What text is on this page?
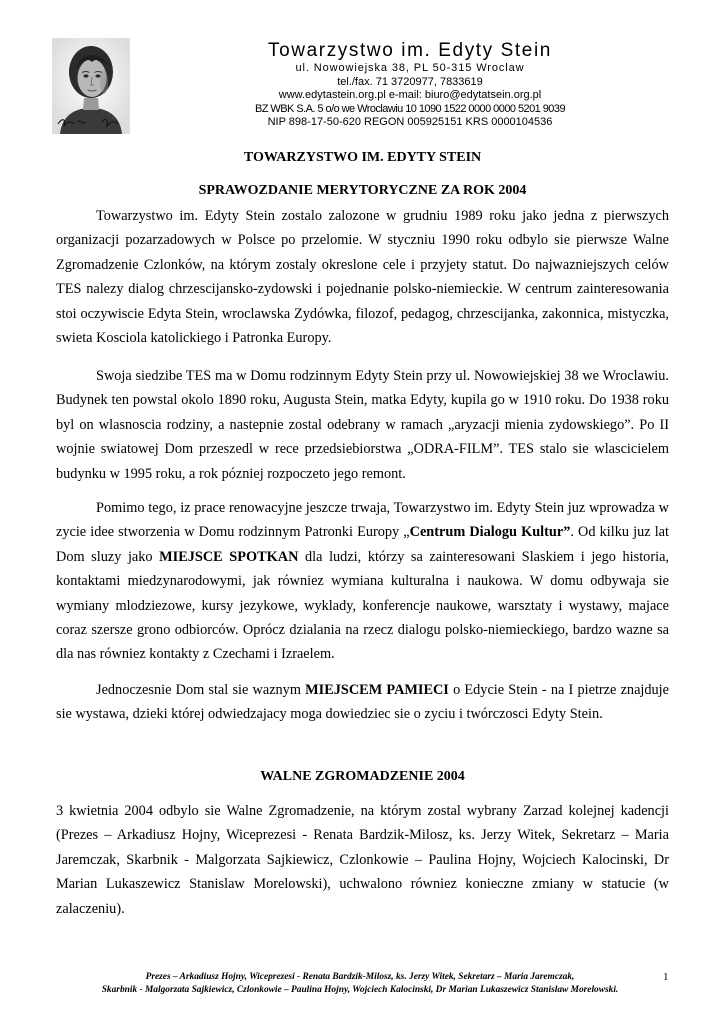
Towarzystwo im. Edyty Stein
ul. Nowowiejska 38, PL 50-315 Wroclaw
tel./fax. 71 3720977, 7833619
www.edytastein.org.pl e-mail: biuro@edytatsein.org.pl
BZ WBK S.A. 5 o/o we Wroclawiu 10 1090 1522 0000 0000 5201 9039
NIP 898-17-50-620 REGON 005925151 KRS 0000104536
TOWARZYSTWO IM. EDYTY STEIN
SPRAWOZDANIE MERYTORYCZNE ZA ROK 2004

Towarzystwo im. Edyty Stein zostalo zalozone w grudniu 1989 roku jako jedna z pierwszych organizacji pozarzadowych w Polsce po przelomie. W styczniu 1990 roku odbylo sie pierwsze Walne Zgromadzenie Czlonków, na którym zostaly okreslone cele i przyjety statut. Do najwazniejszych celów TES nalezy dialog chrzescijansko-zydowski i pojednanie polsko-niemieckie. W centrum zainteresowania stoi oczywiscie Edyta Stein, wroclawska Zydówka, filozof, pedagog, chrzescijanka, zakonnica, mistyczka, swieta Kosciola katolickiego i Patronka Europy.

Swoja siedzibe TES ma w Domu rodzinnym Edyty Stein przy ul. Nowowiejskiej 38 we Wroclawiu. Budynek ten powstal okolo 1890 roku, Augusta Stein, matka Edyty, kupila go w 1910 roku. Do 1938 roku byl on wlasnoscia rodziny, a nastepnie zostal odebrany w ramach „aryzacji mienia zydowskiego”. Po II wojnie swiatowej Dom przeszedl w rece przedsiebiorstwa „ODRA-FILM”. TES stalo sie wlascicielem budynku w 1995 roku, a rok pózniej rozpoczeto jego remont.

Pomimo tego, iz prace renowacyjne jeszcze trwaja, Towarzystwo im. Edyty Stein juz wprowadza w zycie idee stworzenia w Domu rodzinnym Patronki Europy „Centrum Dialogu Kultur”. Od kilku juz lat Dom sluzy jako MIEJSCE SPOTKAN dla ludzi, którzy sa zainteresowani Slaskiem i jego historia, kontaktami miedzynarodowymi, jak równiez wymiana kulturalna i naukowa. W domu odbywaja sie wymiany mlodziezowe, kursy jezykowe, wyklady, konferencje naukowe, warsztaty i wystawy, majace coraz szersze grono odbiorców. Oprócz dzialania na rzecz dialogu polsko-niemieckiego, bardzo wazne sa dla nas równiez kontakty z Czechami i Izraelem.

Jednoczesnie Dom stal sie waznym MIEJSCEM PAMIECI o Edycie Stein - na I pietrze znajduje sie wystawa, dzieki której odwiedzajacy moga dowiedziec sie o zyciu i twórczosci Edyty Stein.

WALNE ZGROMADZENIE 2004

3 kwietnia 2004 odbylo sie Walne Zgromadzenie, na którym zostal wybrany Zarzad kolejnej kadencji (Prezes – Arkadiusz Hojny, Wiceprezesi - Renata Bardzik-Milosz, ks. Jerzy Witek, Sekretarz – Maria Jaremczak, Skarbnik - Malgorzata Sajkiewicz, Czlonkowie – Paulina Hojny, Wojciech Kalocinski, Dr Marian Lukaszewicz Stanislaw Morelowski), uchwalono równiez konieczne zmiany w statucie (w zalaczeniu).

Prezes – Arkadiusz Hojny, Wiceprezesi - Renata Bardzik-Milosz, ks. Jerzy Witek, Sekretarz – Maria Jaremczak,
Skarbnik - Malgorzata Sajkiewicz, Czlonkowie – Paulina Hojny, Wojciech Kalocinski, Dr Marian Lukaszewicz Stanislaw Morelowski.
1
